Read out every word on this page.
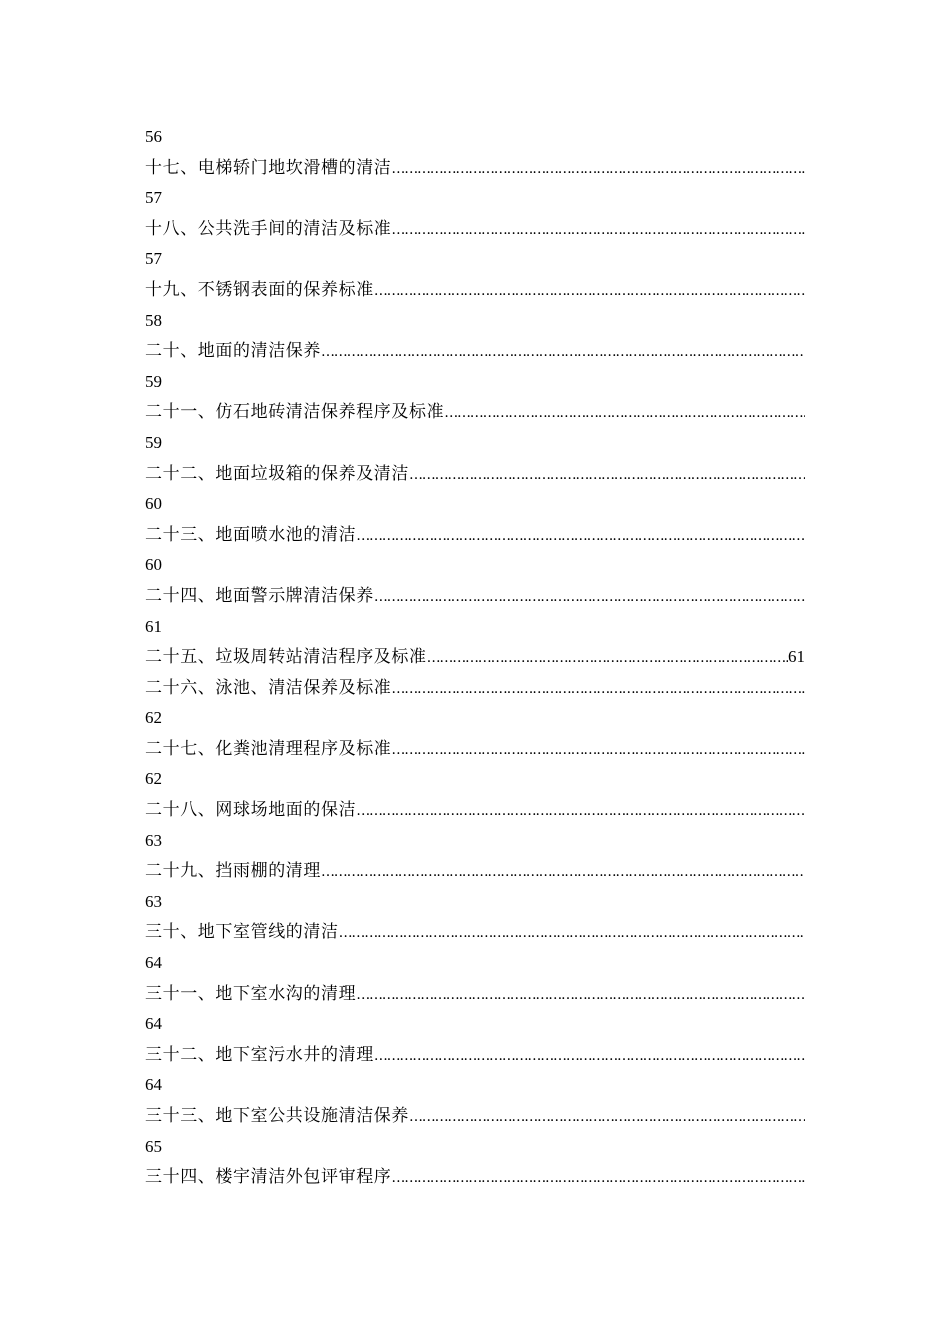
56
十七、电梯轿门地坎滑槽的清洁
………………………………………………………………………………………………………………………………………………………………
57
十八、公共洗手间的清洁及标准
………………………………………………………………………………………………………………………………………………………………
57
十九、不锈钢表面的保养标准
………………………………………………………………………………………………………………………………………………………………
58
二十、地面的清洁保养
………………………………………………………………………………………………………………………………………………………………
59
二十一、仿石地砖清洁保养程序及标准
………………………………………………………………………………………………………………………………………………………………
59
二十二、地面垃圾箱的保养及清洁
………………………………………………………………………………………………………………………………………………………………
60
二十三、地面喷水池的清洁
………………………………………………………………………………………………………………………………………………………………
60
二十四、地面警示牌清洁保养
………………………………………………………………………………………………………………………………………………………………
61
二十五、垃圾周转站清洁程序及标准
………………………………………………………………………………………………………………………………………………………………	61
二十六、泳池、清洁保养及标准
………………………………………………………………………………………………………………………………………………………………
62
二十七、化粪池清理程序及标准
………………………………………………………………………………………………………………………………………………………………
62
二十八、网球场地面的保洁
………………………………………………………………………………………………………………………………………………………………
63
二十九、挡雨棚的清理
………………………………………………………………………………………………………………………………………………………………
63
三十、地下室管线的清洁
………………………………………………………………………………………………………………………………………………………………
64
三十一、地下室水沟的清理
………………………………………………………………………………………………………………………………………………………………
64
三十二、地下室污水井的清理
………………………………………………………………………………………………………………………………………………………………
64
三十三、地下室公共设施清洁保养
………………………………………………………………………………………………………………………………………………………………
65
三十四、楼宇清洁外包评审程序
………………………………………………………………………………………………………………………………………………………………
